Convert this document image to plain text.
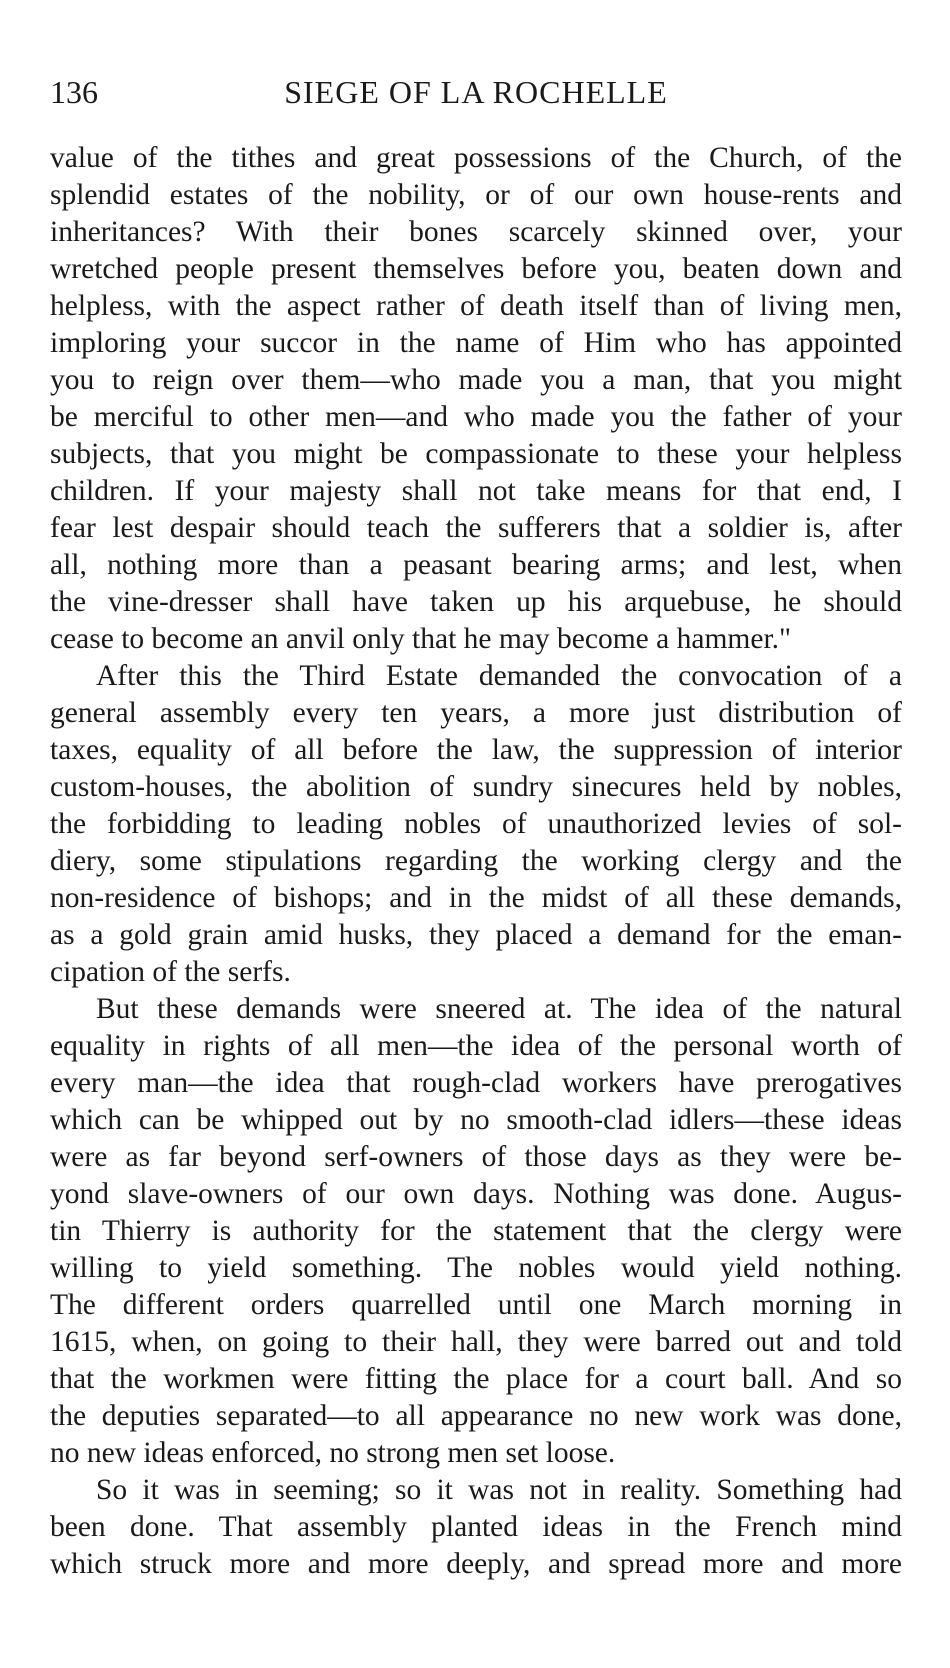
136	SIEGE OF LA ROCHELLE
value of the tithes and great possessions of the Church, of the
splendid estates of the nobility, or of our own house-rents and
inheritances? With their bones scarcely skinned over, your
wretched people present themselves before you, beaten down and
helpless, with the aspect rather of death itself than of living men,
imploring your succor in the name of Him who has appointed
you to reign over them—who made you a man, that you might
be merciful to other men—and who made you the father of your
subjects, that you might be compassionate to these your helpless
children. If your majesty shall not take means for that end, I
fear lest despair should teach the sufferers that a soldier is, after
all, nothing more than a peasant bearing arms; and lest, when
the vine-dresser shall have taken up his arquebuse, he should
cease to become an anvil only that he may become a hammer."
After this the Third Estate demanded the convocation of a
general assembly every ten years, a more just distribution of
taxes, equality of all before the law, the suppression of interior
custom-houses, the abolition of sundry sinecures held by nobles,
the forbidding to leading nobles of unauthorized levies of sol-
diery, some stipulations regarding the working clergy and the
non-residence of bishops; and in the midst of all these demands,
as a gold grain amid husks, they placed a demand for the eman-
cipation of the serfs.
But these demands were sneered at. The idea of the natural
equality in rights of all men—the idea of the personal worth of
every man—the idea that rough-clad workers have prerogatives
which can be whipped out by no smooth-clad idlers—these ideas
were as far beyond serf-owners of those days as they were be-
yond slave-owners of our own days. Nothing was done. Augus-
tin Thierry is authority for the statement that the clergy were
willing to yield something. The nobles would yield nothing.
The different orders quarrelled until one March morning in
1615, when, on going to their hall, they were barred out and told
that the workmen were fitting the place for a court ball. And so
the deputies separated—to all appearance no new work was done,
no new ideas enforced, no strong men set loose.
So it was in seeming; so it was not in reality. Something had
been done. That assembly planted ideas in the French mind
which struck more and more deeply, and spread more and more
